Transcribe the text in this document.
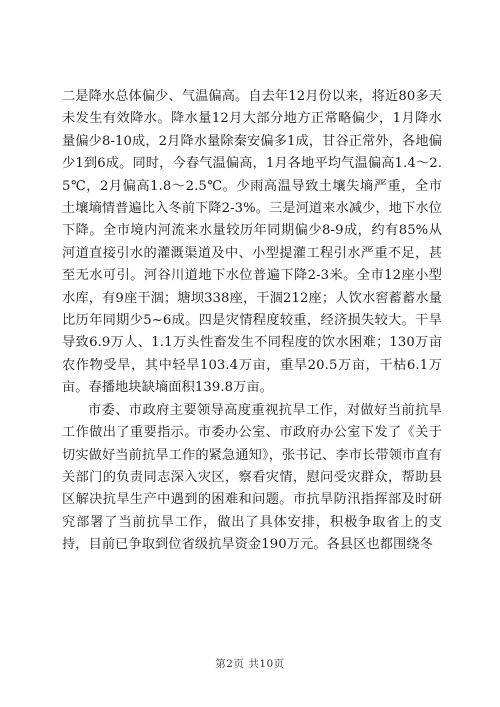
二是降水总体偏少、气温偏高。自去年12月份以来，将近80多天未发生有效降水。降水量12月大部分地方正常略偏少，1月降水量偏少8-10成，2月降水量除秦安偏多1成，甘谷正常外，各地偏少1到6成。同时，今春气温偏高，1月各地平均气温偏高1.4～2.5℃，2月偏高1.8～2.5℃。少雨高温导致土壤失墒严重，全市土壤墒情普遍比入冬前下降2-3%。三是河道来水减少，地下水位下降。全市境内河流来水量较历年同期偏少8-9成，约有85%从河道直接引水的灌溉渠道及中、小型提灌工程引水严重不足，甚至无水可引。河谷川道地下水位普遍下降2-3米。全市12座小型水库，有9座干涸；塘坝338座，干涸212座；人饮水窖蓄蓄水量比历年同期少5~6成。四是灾情程度较重，经济损失较大。干旱导致6.9万人、1.1万头性畜发生不同程度的饮水困难；130万亩农作物受旱，其中轻旱103.4万亩，重旱20.5万亩，干枯6.1万亩。春播地块缺墒面积139.8万亩。

市委、市政府主要领导高度重视抗旱工作，对做好当前抗旱工作做出了重要指示。市委办公室、市政府办公室下发了《关于切实做好当前抗旱工作的紧急通知》，张书记、李市长带领市直有关部门的负责同志深入灾区，察看灾情，慰问受灾群众，帮助县区解决抗旱生产中遇到的困难和问题。市抗旱防汛指挥部及时研究部署了当前抗旱工作，做出了具体安排，积极争取省上的支持，目前已争取到位省级抗旱资金190万元。各县区也都围绕冬

第2页 共10页
